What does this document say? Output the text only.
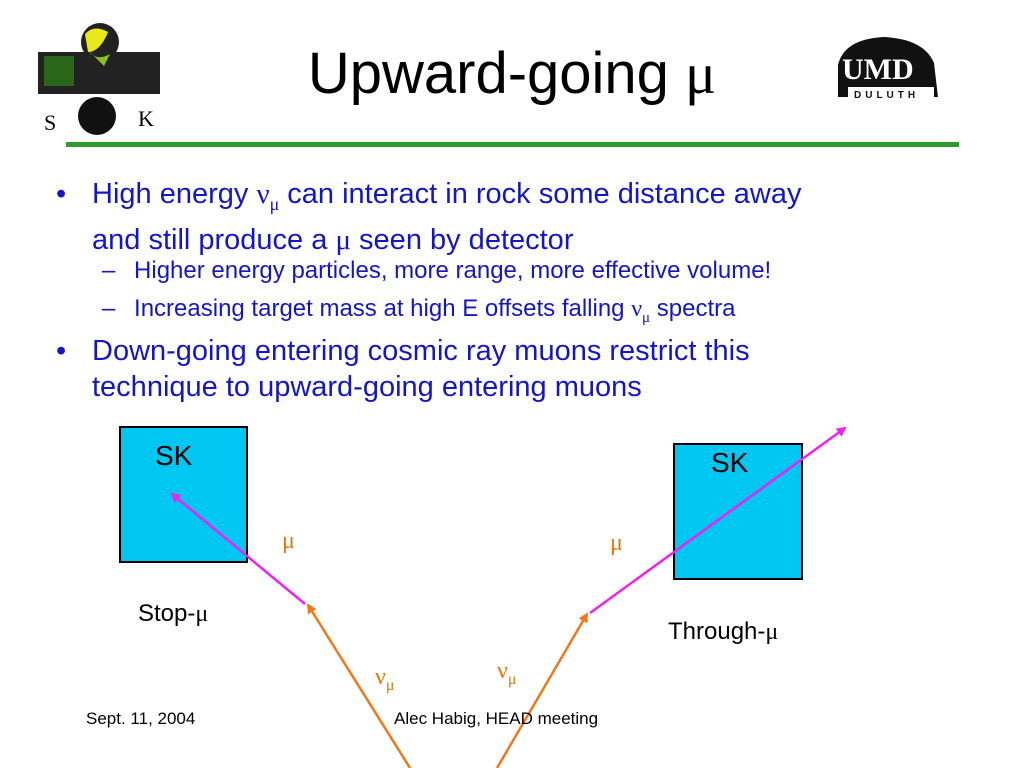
S	K
UMD
DULUTH
Upward-going μ
• High energy $\nu_\mu$ can interact in rock some distance away
and still produce a μ seen by detector
– Higher energy particles, more range, more effective volume!
– Increasing target mass at high E offsets falling $\nu_\mu$ spectra
• Down-going entering cosmic ray muons restrict this
technique to upward-going entering muons
SK	SK
μ	μ
$\nu_\mu$
$\nu_\mu$
Stop-μ
Through-μ
Sept. 11, 2004	Alec Habig, HEAD meeting
